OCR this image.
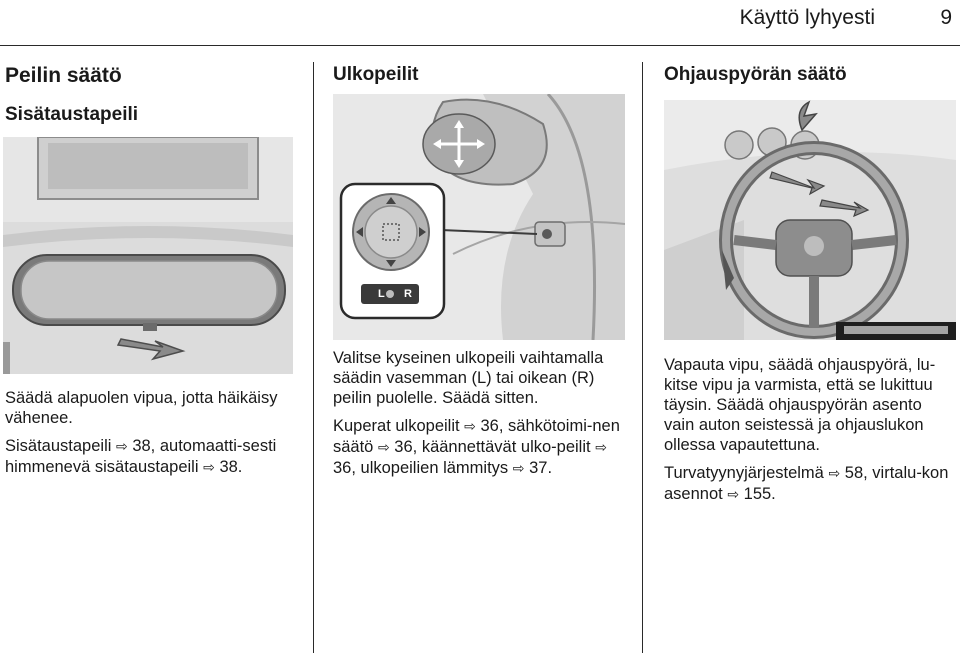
Käyttö lyhyesti	9
Peilin säätö
Sisätaustapeili

Säädä alapuolen vipua, jotta häikäisy vähenee.

Sisätaustapeili ⇨ 38, automaatti-sesti himmenevä sisätaustapeili ⇨ 38.

Ulkopeilit
L R

Valitse kyseinen ulkopeili vaihtamalla säädin vasemman (L) tai oikean (R) peilin puolelle. Säädä sitten.

Kuperat ulkopeilit ⇨ 36, sähkötoimi-nen säätö ⇨ 36, käännettävät ulko-peilit ⇨ 36, ulkopeilien lämmitys ⇨ 37.

Ohjauspyörän säätö

Vapauta vipu, säädä ohjauspyörä, lu-kitse vipu ja varmista, että se lukittuu täysin. Säädä ohjauspyörän asento vain auton seistessä ja ohjauslukon ollessa vapautettuna.

Turvatyynyjärjestelmä ⇨ 58, virtalu-kon asennot ⇨ 155.
